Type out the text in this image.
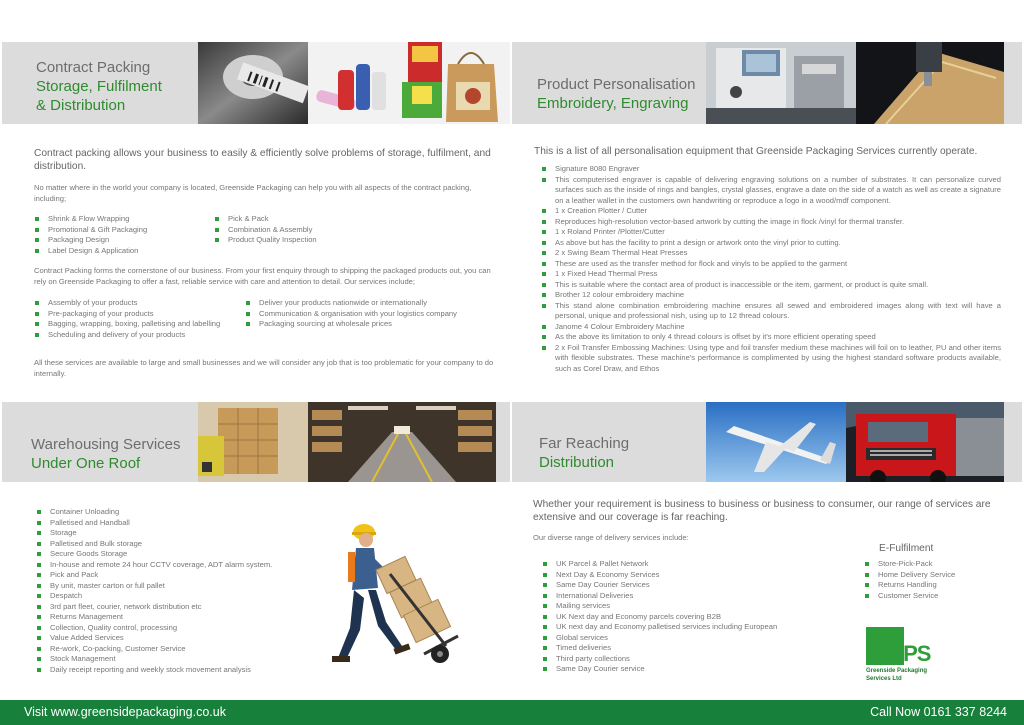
Contract Packing
Storage, Fulfilment
& Distribution
Contract packing allows your business to easily & efficiently solve problems of storage, fulfilment, and distribution.
No matter where in the world your company is located, Greenside Packaging can help you with all aspects of the contract packing, including;
Shrink & Flow Wrapping
Promotional & Gift Packaging
Packaging Design
Label Design & Application
Pick & Pack
Combination & Assembly
Product Quality Inspection
Contract Packing forms the cornerstone of our business. From your first enquiry through to shipping the packaged products out, you can rely on Greenside Packaging to offer a fast, reliable service with care and attention to detail. Our services include;
Assembly of your products
Pre-packaging of your products
Bagging, wrapping, boxing, palletising and labelling
Scheduling and delivery of your products
Deliver your products nationwide or internationally
Communication & organisation with your logistics company
Packaging sourcing at wholesale prices
All these services are available to large and small businesses and we will consider any job that is too problematic for your company to do internally.
Product Personalisation
Embroidery, Engraving
This is a list of all personalisation equipment that Greenside Packaging Services currently operate.
Signature 8080 Engraver
This computerised engraver is capable of delivering engraving solutions on a number of substrates. It can personalize curved surfaces such as the inside of rings and bangles, crystal glasses, engrave a date on the side of a watch as well as create a signature on a leather wallet in the customers own handwriting or reproduce a logo in a wood/mdf component.
1 x Creation Plotter / Cutter
Reproduces high-resolution vector-based artwork by cutting the image in flock /vinyl for thermal transfer.
1 x Roland Printer /Plotter/Cutter
As above but has the facility to print a design or artwork onto the vinyl prior to cutting.
2 x Swing Beam Thermal Heat Presses
These are used as the transfer method for flock and vinyls to be applied to the garment
1 x Fixed Head Thermal Press
This is suitable where the contact area of product is inaccessible or the item, garment, or product is quite small.
Brother 12 colour embroidery machine
This stand alone combination embroidering machine ensures all sewed and embroidered images along with text will have a personal, unique and professional nish, using up to 12 thread colours.
Janome 4 Colour Embroidery Machine
As the above its limitation to only 4 thread colours is offset by it's more efficient operating speed
2 x Foil Transfer Embossing Machines: Using type and foil transfer medium these machines will foil on to leather, PU and other items with flexible substrates. These machine's performance is complimented by using the highest standard software products available, such as Corel Draw, and Ethos
Warehousing Services
Under One Roof
Container Unloading
Palletised and Handball
Storage
Palletised and Bulk storage
Secure Goods Storage
In-house and remote 24 hour CCTV coverage, ADT alarm system.
Pick and Pack
By unit, master carton or full pallet
Despatch
3rd part fleet, courier, network distribution etc
Returns Management
Collection, Quality control, processing
Value Added Services
Re-work, Co-packing, Customer Service
Stock Management
Daily receipt reporting and weekly stock movement analysis
Far Reaching
Distribution
Whether your requirement is business to business or business to consumer, our range of services are extensive and our coverage is far reaching.
Our diverse range of delivery services include:
UK Parcel & Pallet Network
Next Day & Economy Services
Same Day Courier Services
International Deliveries
Mailing services
UK Next day and Economy parcels covering B2B
UK next day and Economy palletised services including European
Global services
Timed deliveries
Third party collections
Same Day Courier service
E-Fulfilment
Store-Pick-Pack
Home Delivery Service
Returns Handling
Customer Service
GPS
Greenside Packaging
Services Ltd
Visit www.greensidepackaging.co.uk	Call Now 0161 337 8244
